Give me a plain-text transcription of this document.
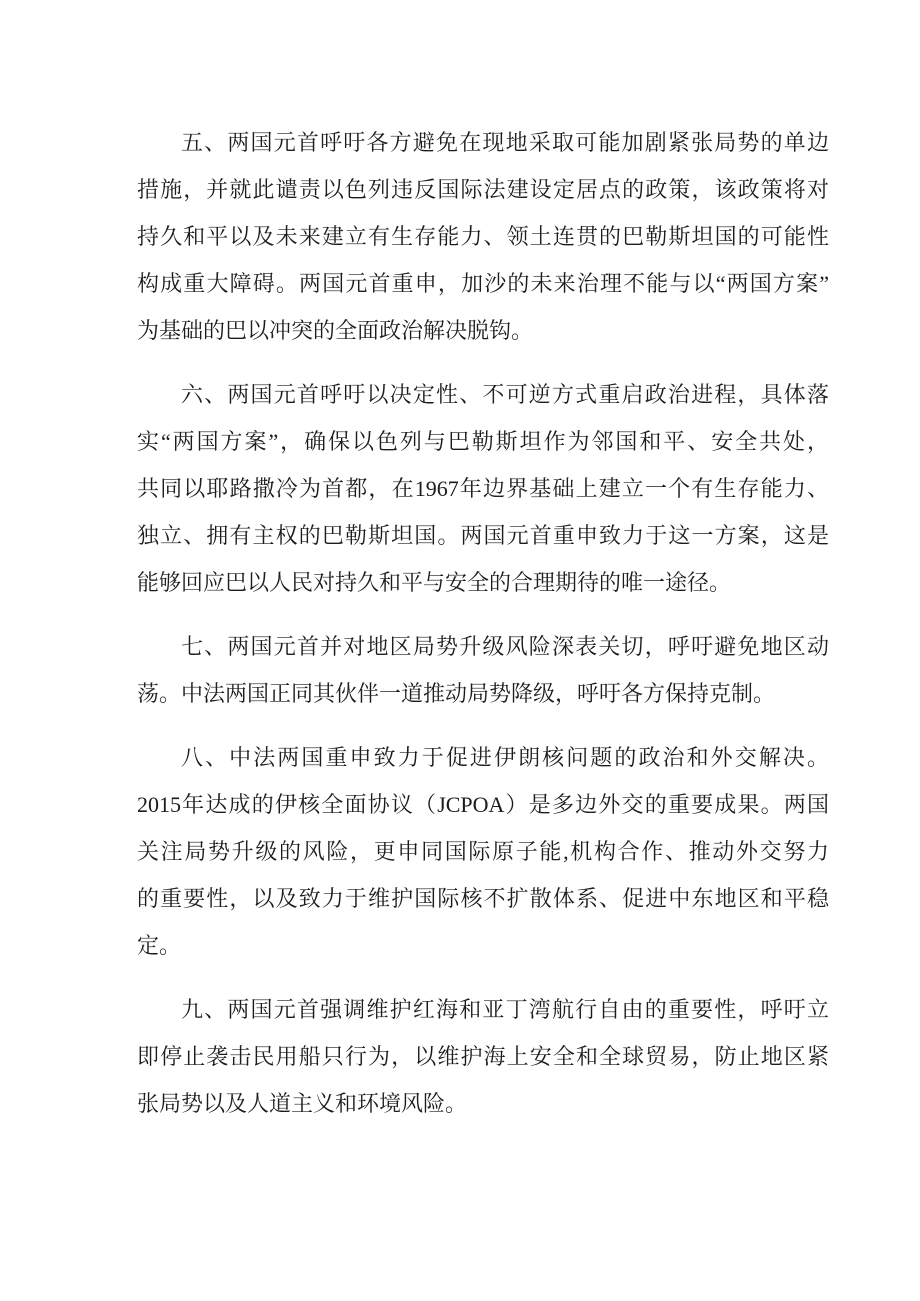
五、两国元首呼吁各方避免在现地采取可能加剧紧张局势的单边
措施，并就此谴责以色列违反国际法建设定居点的政策，该政策将对
持久和平以及未来建立有生存能力、领土连贯的巴勒斯坦国的可能性
构成重大障碍。两国元首重申，加沙的未来治理不能与以“两国方案”
为基础的巴以冲突的全面政治解决脱钩。

六、两国元首呼吁以决定性、不可逆方式重启政治进程，具体落
实“两国方案”，确保以色列与巴勒斯坦作为邻国和平、安全共处，
共同以耶路撒冷为首都，在1967年边界基础上建立一个有生存能力、
独立、拥有主权的巴勒斯坦国。两国元首重申致力于这一方案，这是
能够回应巴以人民对持久和平与安全的合理期待的唯一途径。

七、两国元首并对地区局势升级风险深表关切，呼吁避免地区动
荡。中法两国正同其伙伴一道推动局势降级，呼吁各方保持克制。

八、中法两国重申致力于促进伊朗核问题的政治和外交解决。
2015年达成的伊核全面协议（JCPOA）是多边外交的重要成果。两国
关注局势升级的风险，更申同国际原子能,机构合作、推动外交努力
的重要性，以及致力于维护国际核不扩散体系、促进中东地区和平稳
定。

九、两国元首强调维护红海和亚丁湾航行自由的重要性，呼吁立
即停止袭击民用船只行为，以维护海上安全和全球贸易，防止地区紧
张局势以及人道主义和环境风险。
